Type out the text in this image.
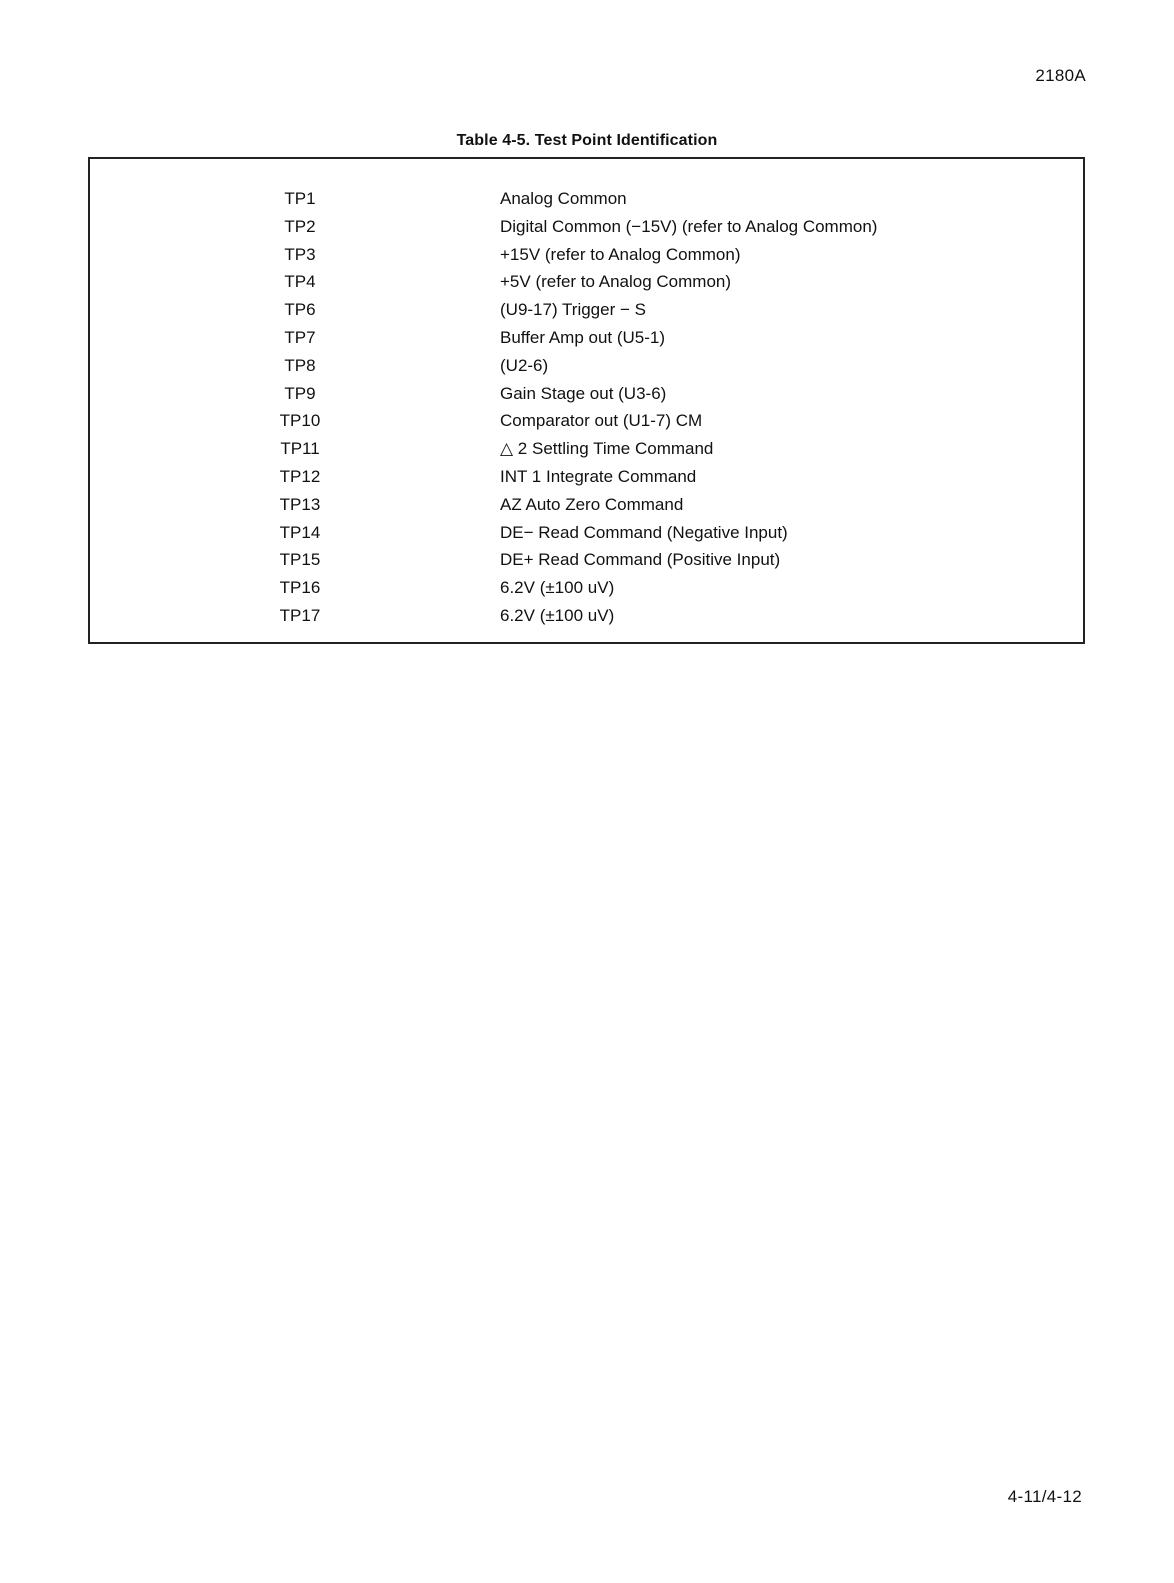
2180A
Table 4-5. Test Point Identification
TP1	Analog Common
TP2	Digital Common (−15V) (refer to Analog Common)
TP3	+15V (refer to Analog Common)
TP4	+5V (refer to Analog Common)
TP6	(U9-17) Trigger − S
TP7	Buffer Amp out (U5-1)
TP8	(U2-6)
TP9	Gain Stage out (U3-6)
TP10	Comparator out (U1-7) CM
TP11	△ 2 Settling Time Command
TP12	INT 1 Integrate Command
TP13	AZ Auto Zero Command
TP14	DE− Read Command (Negative Input)
TP15	DE+ Read Command (Positive Input)
TP16	6.2V (±100 uV)
TP17	6.2V (±100 uV)
4-11/4-12
